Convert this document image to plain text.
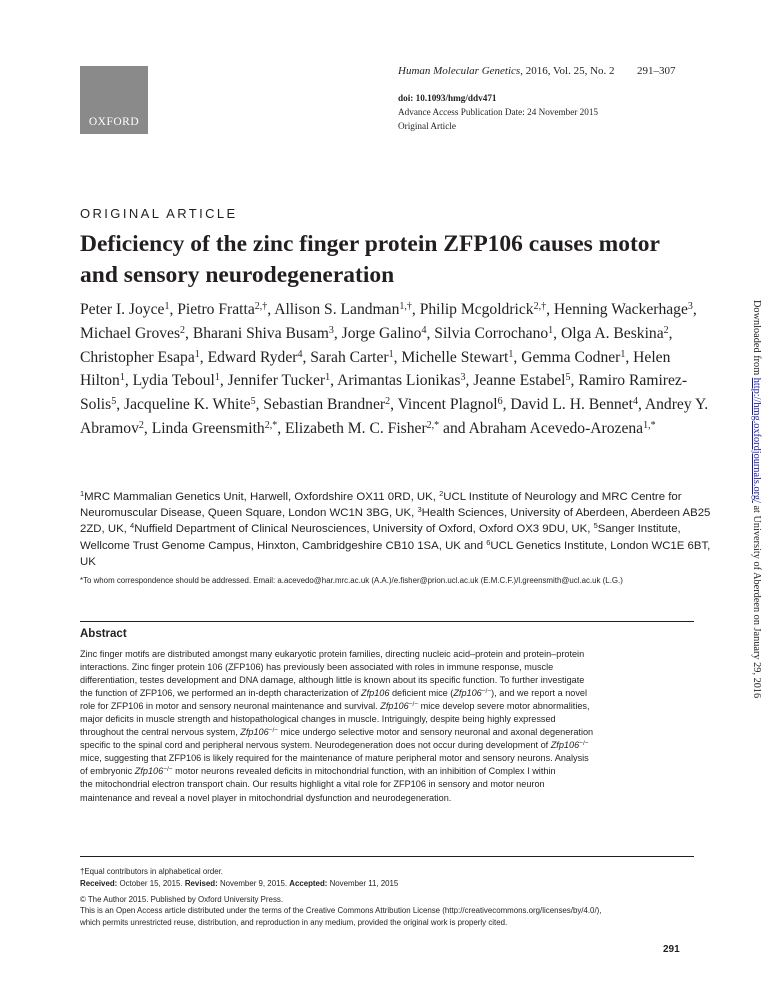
OXFORD
Human Molecular Genetics, 2016, Vol. 25, No. 2 291–307
doi: 10.1093/hmg/ddv471
Advance Access Publication Date: 24 November 2015
Original Article
ORIGINAL ARTICLE
Deficiency of the zinc finger protein ZFP106 causes motor and sensory neurodegeneration
Peter I. Joyce$^1$, Pietro Fratta$^{2,\dagger}$, Allison S. Landman$^{1,\dagger}$, Philip Mcgoldrick$^{2,\dagger}$, Henning Wackerhage$^3$, Michael Groves$^2$, Bharani Shiva Busam$^3$, Jorge Galino$^4$, Silvia Corrochano$^1$, Olga A. Beskina$^2$, Christopher Esapa$^1$, Edward Ryder$^4$, Sarah Carter$^1$, Michelle Stewart$^1$, Gemma Codner$^1$, Helen Hilton$^1$, Lydia Teboul$^1$, Jennifer Tucker$^1$, Arimantas Lionikas$^3$, Jeanne Estabel$^5$, Ramiro Ramirez-Solis$^5$, Jacqueline K. White$^5$, Sebastian Brandner$^2$, Vincent Plagnol$^6$, David L. H. Bennet$^4$, Andrey Y. Abramov$^2$, Linda Greensmith$^{2,*}$, Elizabeth M. C. Fisher$^{2,*}$ and Abraham Acevedo-Arozena$^{1,*}$
$^1$MRC Mammalian Genetics Unit, Harwell, Oxfordshire OX11 0RD, UK, $^2$UCL Institute of Neurology and MRC Centre for Neuromuscular Disease, Queen Square, London WC1N 3BG, UK, $^3$Health Sciences, University of Aberdeen, Aberdeen AB25 2ZD, UK, $^4$Nuffield Department of Clinical Neurosciences, University of Oxford, Oxford OX3 9DU, UK, $^5$Sanger Institute, Wellcome Trust Genome Campus, Hinxton, Cambridgeshire CB10 1SA, UK and $^6$UCL Genetics Institute, London WC1E 6BT, UK
*To whom correspondence should be addressed. Email: a.acevedo@har.mrc.ac.uk (A.A.)/e.fisher@prion.ucl.ac.uk (E.M.C.F.)/l.greensmith@ucl.ac.uk (L.G.)
Abstract
Zinc finger motifs are distributed amongst many eukaryotic protein families, directing nucleic acid–protein and protein–protein
interactions. Zinc finger protein 106 (ZFP106) has previously been associated with roles in immune response, muscle
differentiation, testes development and DNA damage, although little is known about its specific function. To further investigate
the function of ZFP106, we performed an in-depth characterization of Zfp106 deficient mice (Zfp106−/−), and we report a novel
role for ZFP106 in motor and sensory neuronal maintenance and survival. Zfp106−/− mice develop severe motor abnormalities,
major deficits in muscle strength and histopathological changes in muscle. Intriguingly, despite being highly expressed
throughout the central nervous system, Zfp106−/− mice undergo selective motor and sensory neuronal and axonal degeneration
specific to the spinal cord and peripheral nervous system. Neurodegeneration does not occur during development of Zfp106−/−
mice, suggesting that ZFP106 is likely required for the maintenance of mature peripheral motor and sensory neurons. Analysis
of embryonic Zfp106−/− motor neurons revealed deficits in mitochondrial function, with an inhibition of Complex I within
the mitochondrial electron transport chain. Our results highlight a vital role for ZFP106 in sensory and motor neuron
maintenance and reveal a novel player in mitochondrial dysfunction and neurodegeneration.
†Equal contributors in alphabetical order.
Received: October 15, 2015. Revised: November 9, 2015. Accepted: November 11, 2015
© The Author 2015. Published by Oxford University Press.
This is an Open Access article distributed under the terms of the Creative Commons Attribution License (http://creativecommons.org/licenses/by/4.0/),
which permits unrestricted reuse, distribution, and reproduction in any medium, provided the original work is properly cited.
291
Downloaded from http://hmg.oxfordjournals.org/ at University of Aberdeen on January 29, 2016
